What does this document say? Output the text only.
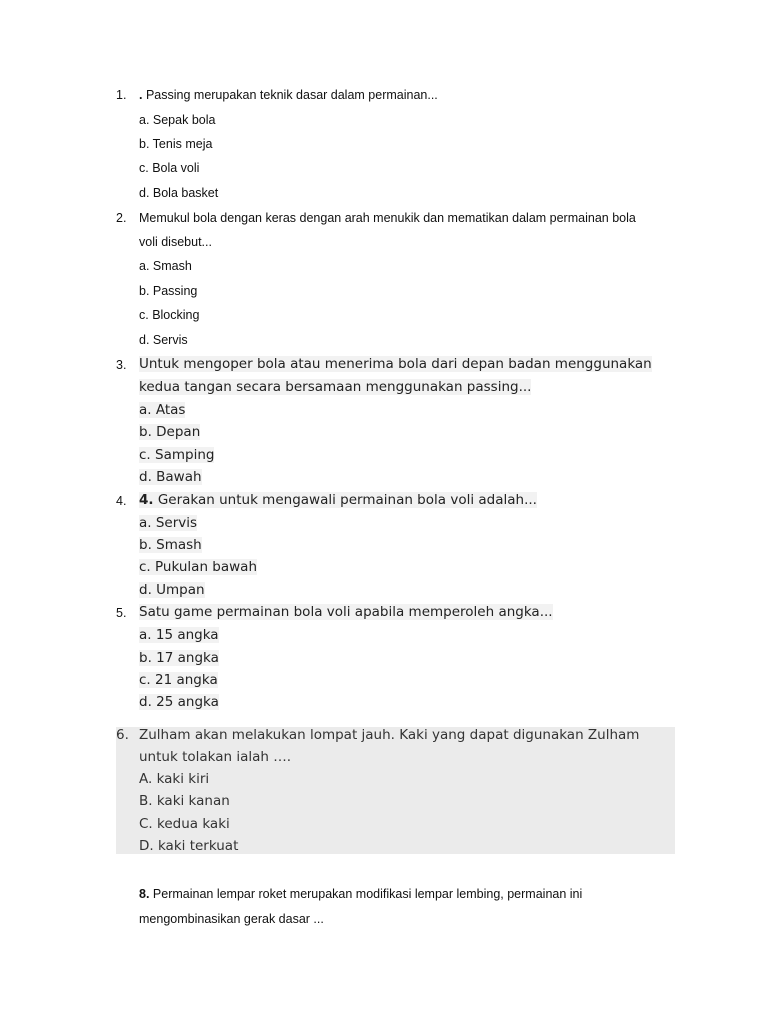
1. . Passing merupakan teknik dasar dalam permainan...
a. Sepak bola
b. Tenis meja
c. Bola voli
d. Bola basket
2. Memukul bola dengan keras dengan arah menukik dan mematikan dalam permainan bola
voli disebut...
a. Smash
b. Passing
c. Blocking
d. Servis
3. Untuk mengoper bola atau menerima bola dari depan badan menggunakan
kedua tangan secara bersamaan menggunakan passing...
a. Atas
b. Depan
c. Samping
d. Bawah
4. 4. Gerakan untuk mengawali permainan bola voli adalah...
a. Servis
b. Smash
c. Pukulan bawah
d. Umpan
5. Satu game permainan bola voli apabila memperoleh angka...
a. 15 angka
b. 17 angka
c. 21 angka
d. 25 angka
6. Zulham akan melakukan lompat jauh. Kaki yang dapat digunakan Zulham
untuk tolakan ialah ….
A. kaki kiri
B. kaki kanan
C. kedua kaki
D. kaki terkuat
8. Permainan lempar roket merupakan modifikasi lempar lembing, permainan ini
mengombinasikan gerak dasar ...
